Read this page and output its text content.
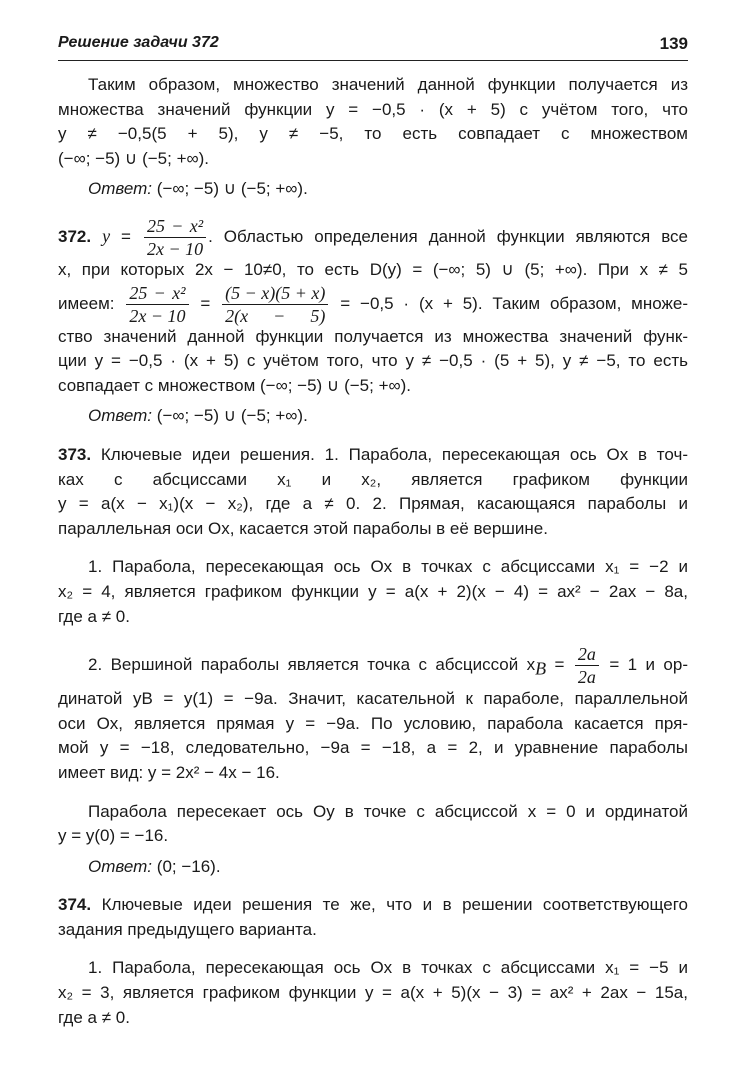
Решение задачи 372	139
Таким образом, множество значений данной функции получается из
множества значений функции y = −0,5 · (x + 5) с учётом того, что
y ≠ −0,5(5 + 5), y ≠ −5, то есть совпадает с множеством
(−∞; −5) ∪ (−5; +∞).
Ответ: (−∞; −5) ∪ (−5; +∞).
372. $y = \frac{\text{25 − x²}}{2x - 10}$ . Областью определения данной функции являются все
x, при которых 2x − 10≠0, то есть D(y) = (−∞; 5) ∪ (5; +∞). При x ≠ 5
имеем: $\frac{\text{25 − x²}}{2x - 10} = \frac{(5 - x)(5 + x)}{2(x - 5)} = -0,5 \cdot (x + 5)$. Таким образом, множе-
ство значений данной функции получается из множества значений функ-
ции y = −0,5 · (x + 5) с учётом того, что y ≠ −0,5 · (5 + 5), y ≠ −5, то есть
совпадает с множеством (−∞; −5) ∪ (−5; +∞).
Ответ: (−∞; −5) ∪ (−5; +∞).
373. Ключевые идеи решения. 1. Парабола, пересекающая ось Ox в точ-
ках с абсциссами x₁ и x₂, является графиком функции
y = a(x − x₁)(x − x₂), где a ≠ 0. 2. Прямая, касающаяся параболы и
параллельная оси Ox, касается этой параболы в её вершине.
1. Парабола, пересекающая ось Ox в точках с абсциссами x₁ = −2 и
x₂ = 4, является графиком функции y = a(x + 2)(x − 4) = ax² − 2ax − 8a,
где a ≠ 0.
2. Вершиной параболы является точка с абсциссой $x_B = \frac{2a}{2a} = 1$ и ор-
динатой yB = y(1) = −9a. Значит, касательной к параболе, параллельной
оси Ox, является прямая y = −9a. По условию, парабола касается пря-
мой y = −18, следовательно, −9a = −18, a = 2, и уравнение параболы
имеет вид: y = 2x² − 4x − 16.
Парабола пересекает ось Oy в точке с абсциссой x = 0 и ординатой
y = y(0) = −16.
Ответ: (0; −16).
374. Ключевые идеи решения те же, что и в решении соответствующего
задания предыдущего варианта.
1. Парабола, пересекающая ось Ox в точках с абсциссами x₁ = −5 и
x₂ = 3, является графиком функции y = a(x + 5)(x − 3) = ax² + 2ax − 15a,
где a ≠ 0.
